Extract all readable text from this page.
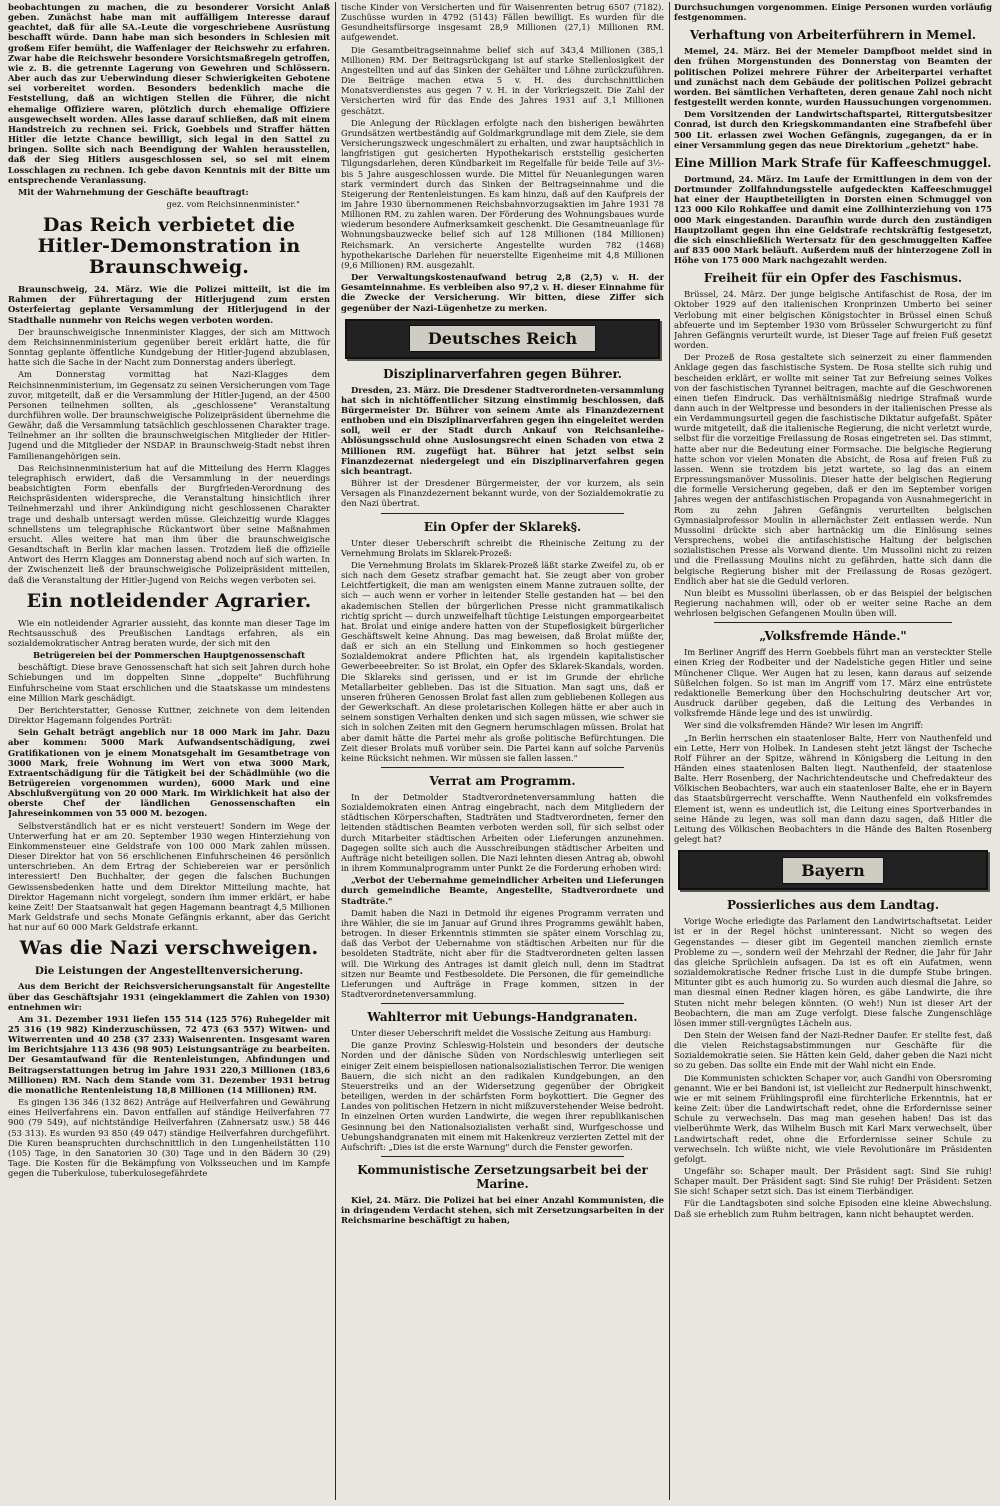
beobachtungen zu machen, die zu besonderer Vorsicht Anlaß geben. Zunächst habe man mit auffälligem Interesse darauf geachtet, daß für alle SA.-Leute die vorgeschriebene Ausrüstung beschafft würde. Dann habe man sich besonders in Schlesien mit großem Eifer bemüht, die Waffenlager der Reichswehr zu erfahren. Zwar habe die Reichswehr besondere Vorsichtsmaßregeln getroffen, wie z. B. die getrennte Lagerung von Gewehren und Schlössern. Aber auch das zur Ueberwindung dieser Schwierigkeiten Gebotene sei vorbereitet worden. Besonders bedenklich mache die Feststellung, daß an wichtigen Stellen die Führer, die nicht ehemalige Offiziere waren, plötzlich durch ehemalige Offiziere ausgewechselt worden. Alles lasse darauf schließen, daß mit einem Handstreich zu rechnen sei. Frick, Goebbels und Straffer hätten Hitler die letzte Chance bewilligt, sich legal in den Sattel zu bringen. Sollte sich nach Beendigung der Wahlen herausstellen, daß der Sieg Hitlers ausgeschlossen sei, so sei mit einem Losschlagen zu rechnen. Ich gebe davon Kenntnis mit der Bitte um entsprechende Veranlassung.

Mit der Wahrnehmung der Geschäfte beauftragt:

gez. vom Reichsinnenminister."

Das Reich verbietet die Hitler-Demonstration in Braunschweig.

Braunschweig, 24. März. Wie die Polizei mitteilt, ist die im Rahmen der Führertagung der Hitlerjugend zum ersten Osterfeiertag geplante Versammlung der Hitlerjugend in der Stadthalle nunmehr von Reichs wegen verboten worden.

Der braunschweigische Innenminister Klagges, der sich am Mittwoch dem Reichsinnenministerium gegenüber bereit erklärt hatte, die für Sonntag geplante öffentliche Kundgebung der Hitler-Jugend abzublasen, hatte sich die Sache in der Nacht zum Donnerstag anders überlegt.

Am Donnerstag vormittag hat Nazi-Klagges dem Reichsinnenministerium, im Gegensatz zu seinen Versicherungen vom Tage zuvor, mitgeteilt, daß er die Versammlung der Hitler-Jugend, an der 4500 Personen teilnehmen sollten, als „geschlossene" Veranstaltung durchführen wolle. Der braunschweigische Polizeipräsident übernehme die Gewähr, daß die Versammlung tatsächlich geschlossenen Charakter trage. Teilnehmer an ihr sollten die braunschweigischen Mitglieder der Hitler-Jugend und die Mitglieder der NSDAP. in Braunschweig-Stadt nebst ihren Familienangehörigen sein.

Das Reichsinnenministerium hat auf die Mitteilung des Herrn Klagges telegraphisch erwidert, daß die Versammlung in der neuerdings beabsichtigten Form ebenfalls der Burgfrieden-Verordnung des Reichspräsidenten widerspreche, die Veranstaltung hinsichtlich ihrer Teilnehmerzahl und ihrer Ankündigung nicht geschlossenen Charakter trage und deshalb untersagt werden müsse. Gleichzeitig wurde Klagges schnellstens um telegraphische Rückantwort über seine Maßnahmen ersucht. Alles weitere hat man ihm über die braunschweigische Gesandtschaft in Berlin klar machen lassen. Trotzdem ließ die offizielle Antwort des Herrn Klagges am Donnerstag abend noch auf sich warten. In der Zwischenzeit ließ der braunschweigische Polizeipräsident mitteilen, daß die Veranstaltung der Hitler-Jugend von Reichs wegen verboten sei.

Ein notleidender Agrarier.

Wie ein notleidender Agrarier aussieht, das konnte man dieser Tage im Rechtsausschuß des Preußischen Landtags erfahren, als ein sozialdemokratischer Antrag beraten wurde, der sich mit den

Betrügereien bei der Pommerschen Hauptgenossenschaft

beschäftigt. Diese brave Genossenschaft hat sich seit Jahren durch hohe Schiebungen und im doppelten Sinne „doppelte" Buchführung Einfuhrscheine vom Staat erschlichen und die Staatskasse um mindestens eine Million Mark geschädigt.

Der Berichterstatter, Genosse Kuttner, zeichnete von dem leitenden Direktor Hagemann folgendes Porträt:

Sein Gehalt beträgt angeblich nur 18 000 Mark im Jahr. Dazu aber kommen: 5000 Mark Aufwandsentschädigung, zwei Gratifikationen von je einem Monatsgehalt im Gesamtbetrage von 3000 Mark, freie Wohnung im Wert von etwa 3000 Mark, Extraentschädigung für die Tätigkeit bei der Schädlmühle (wo die Betrügereien vorgenommen wurden), 6000 Mark und eine Abschlußvergütung von 20 000 Mark. Im Wirklichkeit hat also der oberste Chef der ländlichen Genossenschaften ein Jahreseinkommen von 55 000 M. bezogen.

Selbstverständlich hat er es nicht versteuert! Sondern im Wege der Unterwerfung hat er am 20. September 1930 wegen Hinterziehung von Einkommensteuer eine Geldstrafe von 100 000 Mark zahlen müssen. Dieser Direktor hat von 56 erschlichenen Einfuhrscheinen 46 persönlich unterschrieben. An dem Ertrag der Schiebereien war er persönlich interessiert! Den Buchhalter, der gegen die falschen Buchungen Gewissensbedenken hatte und dem Direktor Mitteilung machte, hat Direktor Hagemann nicht vorgelegt, sondern ihm immer erklärt, er habe keine Zeit! Der Staatsanwalt hat gegen Hagemann beantragt 4,5 Millionen Mark Geldstrafe und sechs Monate Gefängnis erkannt, aber das Gericht hat nur auf 60 000 Mark Geldstrafe erkannt.

Was die Nazi verschweigen.
Die Leistungen der Angestelltenversicherung.

Aus dem Bericht der Reichsversicherungsanstalt für Angestellte über das Geschäftsjahr 1931 (eingeklammert die Zahlen von 1930) entnehmen wir:

Am 31. Dezember 1931 liefen 155 514 (125 576) Ruhegelder mit 25 316 (19 982) Kinderzuschüssen, 72 473 (63 557) Witwen- und Witwerrenten und 40 258 (37 233) Waisenrenten. Insgesamt waren im Berichtsjahre 113 436 (98 905) Leistungsanträge zu bearbeiten. Der Gesamtaufwand für die Rentenleistungen, Abfindungen und Beitragserstattungen betrug im Jahre 1931 220,3 Millionen (183,6 Millionen) RM. Nach dem Stande vom 31. Dezember 1931 betrug die monatliche Rentenleistung 18,8 Millionen (14 Millionen) RM.

Es gingen 136 346 (132 862) Anträge auf Heilverfahren und Gewährung eines Heilverfahrens ein. Davon entfallen auf ständige Heilverfahren 77 900 (79 549), auf nichtständige Heilverfahren (Zahnersatz usw.) 58 446 (53 313). Es wurden 93 850 (49 047) ständige Heilverfahren durchgeführt. Die Kuren beanspruchten durchschnittlich in den Lungenheilstätten 110 (105) Tage, in den Sanatorien 30 (30) Tage und in den Bädern 30 (29) Tage. Die Kosten für die Bekämpfung von Volksseuchen und im Kampfe gegen die Tuberkulose, tuberkulosegefährdete

tische Kinder von Versicherten und für Waisenrenten betrug 6507 (7182). Zuschüsse wurden in 4792 (5143) Fällen bewilligt. Es wurden für die Gesundheitsfürsorge insgesamt 28,9 Millionen (27,1) Millionen RM. aufgewendet.

Die Gesamtbeitragseinnahme belief sich auf 343,4 Millionen (385,1 Millionen) RM. Der Beitragsrückgang ist auf starke Stellenlosigkeit der Angestellten und auf das Sinken der Gehälter und Löhne zurückzuführen. Die Beiträge machen etwa 5 v. H. des durchschnittlichen Monatsverdienstes aus gegen 7 v. H. in der Vorkriegszeit. Die Zahl der Versicherten wird für das Ende des Jahres 1931 auf 3,1 Millionen geschätzt.

Die Anlegung der Rücklagen erfolgte nach den bisherigen bewährten Grundsätzen wertbeständig auf Goldmarkgrundlage mit dem Ziele, sie dem Versicherungszweck ungeschmälert zu erhalten, und zwar hauptsächlich in langfristigen gut gesicherten Hypothekarisch erststellig gesicherten Tilgungsdarlehen, deren Kündbarkeit im Regelfalle für beide Teile auf 3½-bis 5 Jahre ausgeschlossen wurde. Die Mittel für Neuanlegungen waren stark vermindert durch das Sinken der Beitragseinnahme und die Steigerung der Rentenleistungen. Es kam hinzu, daß auf den Kaufpreis der im Jahre 1930 übernommenen Reichsbahnvorzugsaktien im Jahre 1931 78 Millionen RM. zu zahlen waren. Der Förderung des Wohnungsbaues wurde wiederum besondere Aufmerksamkeit geschenkt. Die Gesamtneuanlage für Wohnungsbauzwecke belief sich auf 128 Millionen (184 Millionen) Reichsmark. An versicherte Angestellte wurden 782 (1468) hypothekarische Darlehen für neuerstellte Eigenheime mit 4,8 Millionen (9,6 Millionen) RM. ausgezahlt.

Der Verwaltungskostenaufwand betrug 2,8 (2,5) v. H. der Gesamteinnahme. Es verbleiben also 97,2 v. H. dieser Einnahme für die Zwecke der Versicherung. Wir bitten, diese Ziffer sich gegenüber der Nazi-Lügenhetze zu merken.

Deutsches Reich
Disziplinarverfahren gegen Bührer.

Dresden, 23. März. Die Dresdener Stadtverordneten-versammlung hat sich in nichtöffentlicher Sitzung einstimmig beschlossen, daß Bürgermeister Dr. Bührer von seinem Amte als Finanzdezernent enthoben und ein Disziplinarverfahren gegen ihn eingeleitet werden soll, weil er der Stadt durch Ankauf von Reichsanleihe-Ablösungsschuld ohne Auslosungsrecht einen Schaden von etwa 2 Millionen RM. zugefügt hat. Bührer hat jetzt selbst sein Finanzdezernat niedergelegt und ein Disziplinarverfahren gegen sich beantragt.

Bührer ist der Dresdener Bürgermeister, der vor kurzem, als sein Versagen als Finanzdezernent bekannt wurde, von der Sozialdemokratie zu den Nazi übertrat.

Ein Opfer der Sklarek§.

Unter dieser Ueberschrift schreibt die Rheinische Zeitung zu der Vernehmung Brolats im Sklarek-Prozeß:

Die Vernehmung Brolats im Sklarek-Prozeß läßt starke Zweifel zu, ob er sich nach dem Gesetz strafbar gemacht hat. Sie zeugt aber von grober Leichtfertigkeit, die man am wenigsten einem Manne zutrauen sollte, der sich — auch wenn er vorher in leitender Stelle gestanden hat — bei den akademischen Stellen der bürgerlichen Presse nicht grammatikalisch richtig spricht — durch unzweifelhaft tüchtige Leistungen emporgearbeitet hat. Brolat und einige andere hatten von der Stupeflosigkeit bürgerlicher Geschäftswelt keine Ahnung. Das mag beweisen, daß Brolat müßte der, daß er sich an ein Stellung und Einkommen so hoch gestiegener Sozialdemokrat andere Pflichten hat, als irgendein kapitalistischer Gewerbeeebreiter. So ist Brolat, ein Opfer des Sklarek-Skandals, worden. Die Sklareks sind gerissen, und er ist im Grunde der ehrliche Metallarbeiter geblieben. Das ist die Situation. Man sagt uns, daß er unseren früheren Genossen Brolat fast allen zum gebliebenen Kollegen aus der Gewerkschaft. An diese proletarischen Kollegen hätte er aber auch in seinem sonstigen Verhalten denken und sich sagen müssen, wie schwer sie sich in solchen Zeiten mit den Gegnern herumschlagen müssen. Brolat hat aber damit hätte die Partei mehr als große politische Befürchtungen. Die Zeit dieser Brolats muß vorüber sein. Die Partei kann auf solche Parvenüs keine Rücksicht nehmen. Wir müssen sie fallen lassen."

Verrat am Programm.

In der Detmolder Stadtverordnetenversammlung hatten die Sozialdemokraten einen Antrag eingebracht, nach dem Mitgliedern der städtischen Körperschaften, Stadträten und Stadtverordneten, ferner den leitenden städtischen Beamten verboten werden soll, für sich selbst oder durch Mitarbeiter städtischen Arbeiten oder Lieferungen anzunehmen. Dagegen sollte sich auch die Ausschreibungen städtischer Arbeiten und Aufträge nicht beteiligen sollen. Die Nazi lehnten diesen Antrag ab, obwohl in ihrem Kommunalprogramm unter Punkt 2e die Forderung erhoben wird:

„Verbot der Uebernahme gemeindlicher Arbeiten und Lieferungen durch gemeindliche Beamte, Angestellte, Stadtverordnete und Stadträte."

Damit haben die Nazi in Detmold ihr eigenes Programm verraten und ihre Wähler, die sie im Januar auf Grund ihres Programms gewählt haben, betrogen. In dieser Erkenntnis stimmten sie später einem Vorschlag zu, daß das Verbot der Uebernahme von städtischen Arbeiten nur für die besoldeten Stadträte, nicht aber für die Stadtverordneten gelten lassen will. Die Wirkung des Antrages ist damit gleich null, denn im Stadtrat sitzen nur Beamte und Festbesoldete. Die Personen, die für gemeindliche Lieferungen und Aufträge in Frage kommen, sitzen in der Stadtverordnetenversammlung.

Wahlterror mit Uebungs-Handgranaten.

Unter dieser Ueberschrift meldet die Vossische Zeitung aus Hamburg:

Die ganze Provinz Schleswig-Holstein und besonders der deutsche Norden und der dänische Süden von Nordschleswig unterliegen seit einiger Zeit einem beispiellosen nationalsozialistischen Terror. Die wenigen Bauern, die sich nicht an den radikalen Kundgebungen, an den Steuerstreiks und an der Widersetzung gegenüber der Obrigkeit beteiligen, werden in der schärfsten Form boykottiert. Die Gegner des Landes von politischen Hetzern in nicht mißzuverstehender Weise bedroht. In einzelnen Orten wurden Landwirte, die wegen ihrer republikanischen Gesinnung bei den Nationalsozialisten verhaßt sind, Wurfgeschosse und Uebungshandgranaten mit einem mit Hakenkreuz verzierten Zettel mit der Aufschrift: „Dies ist die erste Warnung" durch die Fenster geworfen.

Kommunistische Zersetzungsarbeit bei der Marine.

Kiel, 24. März. Die Polizei hat bei einer Anzahl Kommunisten, die in dringendem Verdacht stehen, sich mit Zersetzungsarbeiten in der Reichsmarine beschäftigt zu haben,

Durchsuchungen vorgenommen. Einige Personen wurden vorläufig festgenommen.

Verhaftung von Arbeiterführern in Memel.

Memel, 24. März. Bei der Memeler Dampfboot meldet sind in den frühen Morgenstunden des Donnerstag von Beamten der politischen Polizei mehrere Führer der Arbeiterpartei verhaftet und zunächst nach dem Gebäude der politischen Polizei gebracht worden. Bei sämtlichen Verhafteten, deren genaue Zahl noch nicht festgestellt werden konnte, wurden Haussuchungen vorgenommen.

Dem Vorsitzenden der Landwirtschaftspartei, Rittergutsbesitzer Conrad, ist durch den Kriegskommandanten eine Strafbefehl über 500 Lit. erlassen zwei Wochen Gefängnis, zugegangen, da er in einer Versammlung gegen das neue Direktorium „gehetzt" habe.

Eine Million Mark Strafe für Kaffeeschmuggel.

Dortmund, 24. März. Im Laufe der Ermittlungen in dem von der Dortmunder Zollfahndungsstelle aufgedeckten Kaffeeschmuggel hat einer der Hauptbeteiligten in Dorsten einen Schmuggel von 123 000 Kilo Rohkaffee und damit eine Zollhinterziehung von 175 000 Mark eingestanden. Daraufhin wurde durch den zuständigen Hauptzollamt gegen ihn eine Geldstrafe rechtskräftig festgesetzt, die sich einschließlich Wertersatz für den geschmuggelten Kaffee auf 835 000 Mark beläuft. Außerdem muß der hinterzogene Zoll in Höhe von 175 000 Mark nachgezahlt werden.

Freiheit für ein Opfer des Faschismus.

Brüssel, 24. März. Der junge belgische Antifaschist de Rosa, der im Oktober 1929 auf den italienischen Kronprinzen Umberto bei seiner Verlobung mit einer belgischen Königstochter in Brüssel einen Schuß abfeuerte und im September 1930 vom Brüsseler Schwurgericht zu fünf Jahren Gefängnis verurteilt wurde, ist Dieser Tage auf freien Fuß gesetzt worden.

Der Prozeß de Rosa gestaltete sich seinerzeit zu einer flammenden Anklage gegen das faschistische System. De Rosa stellte sich ruhig und bescheiden erklärt, er wollte mit seiner Tat zur Befreiung seines Volkes von der faschistischen Tyrannei beitragen, machte auf die Geschworenen einen tiefen Eindruck. Das verhältnismäßig niedrige Strafmaß wurde dann auch in der Weltpresse und besonders in der italienischen Presse als ein Verdammungsurteil gegen die faschistische Diktatur aufgefaßt. Später wurde mitgeteilt, daß die italienische Regierung, die nicht verletzt wurde, selbst für die vorzeitige Freilassung de Rosas eingetreten sei. Das stimmt, hatte aber nur die Bedeutung einer Formsache. Die belgische Regierung hatte schon vor vielen Monaten die Absicht, de Rosa auf freien Fuß zu lassen. Wenn sie trotzdem bis jetzt wartete, so lag das an einem Erpressungsmanöver Mussolinis. Dieser hatte der belgischen Regierung die formelle Versicherung gegeben, daß er den im September vorigen Jahres wegen der antifaschistischen Propaganda von Ausnahmegericht in Rom zu zehn Jahren Gefängnis verurteilten belgischen Gymnasialprofessor Moulin in allernächster Zeit entlassen werde. Nun Mussolini drückte sich aber hartnäckig um die Einlösung seines Versprechens, wobei die antifaschistische Haltung der belgischen sozialistischen Presse als Vorwand diente. Um Mussolini nicht zu reizen und die Freilassung Moulins nicht zu gefährden, hatte sich dann die belgische Regierung bisher mit der Freilassung de Rosas gezögert. Endlich aber hat sie die Geduld verloren.

Nun bleibt es Mussolini überlassen, ob er das Beispiel der belgischen Regierung nachahmen will, oder ob er weiter seine Rache an dem wehrlosen belgischen Gefangenen Moulin üben will.

„Volksfremde Hände."

Im Berliner Angriff des Herrn Goebbels führt man an versteckter Stelle einen Krieg der Rodbeiter und der Nadelstiche gegen Hitler und seine Münchener Clique. Wer Augen hat zu lesen, kann daraus auf seizende Süßelchen folgen. So ist man im Angriff vom 17. März eine entrüstete redaktionelle Bemerkung über den Hochschulring deutscher Art vor, Ausdruck darüber gegeben, daß die Leitung des Verbandes in volksfremde Hände lege und des ist unwürdig.

Wer sind die volksfremden Hände? Wir lesen im Angriff:

„In Berlin herrschen ein staatenloser Balte, Herr von Nauthenfeld und ein Lette, Herr von Holbek. In Landesen steht jetzt längst der Tscheche Rolf Führer an der Spitze, während in Königsberg die Leitung in den Händen eines staatenlosen Balten liegt. Nauthenfeld, der staatenlose Balte. Herr Rosenberg, der Nachrichtendeutsche und Chefredakteur des Völkischen Beobachters, war auch ein staatenloser Balte, ehe er in Bayern das Staatsbürgerrecht verschaffte. Wenn Nauthenfeld ein volksfremdes Element ist, wenn es undeutlich ist, die Leitung eines Sportverbandes in seine Hände zu legen, was soll man dann dazu sagen, daß Hitler die Leitung des Völkischen Beobachters in die Hände des Balten Rosenberg gelegt hat?

Bayern
Possierliches aus dem Landtag.

Vorige Woche erledigte das Parlament den Landwirtschaftsetat. Leider ist er in der Regel höchst uninteressant. Nicht so wegen des Gegenstandes — dieser gibt im Gegenteil manchen ziemlich ernste Probleme zu —, sondern weil der Mehrzahl der Redner, die Jahr für Jahr das gleiche Sprüchlein aufsagen. Da ist es oft ein Aufatmen, wenn sozialdemokratische Redner frische Lust in die dumpfe Stube bringen. Mitunter gibt es auch humorig zu. So wurden auch diesmal die Jahre, so man diesmal einen Redner klagen hören, es gäbe Landwirte, die ihre Stuten nicht mehr belegen könnten. (O weh!) Nun ist dieser Art der Beobachtern, die man am Zuge verfolgt. Diese falsche Zungenschläge lösen immer still-vergnügtes Lächeln aus.

Den Stein der Weisen fand der Nazi-Redner Daufer. Er stellte fest, daß die vielen Reichstagsabstimmungen nur Geschäfte für die Sozialdemokratie seien. Sie Hätten kein Geld, daher geben die Nazi nicht so zu geben. Das sollte ein Ende mit der Wahl nicht ein Ende.

Die Kommunisten schickten Schaper vor, auch Gandhi von Obersroming genannt. Wie er bei Bandoni ist, ist vielleicht zur Rednerpult hinschwenkt, wie er mit seinem Frühlingsprofil eine fürchterliche Erkenntnis, hat er keine Zeit: über die Landwirtschaft redet, ohne die Erfordernisse seiner Schule zu verwechseln. Das mag man gesehen haben! Das ist das vielberühmte Werk, das Wilhelm Busch mit Karl Marx verwechselt, über Landwirtschaft redet, ohne die Erfordernisse seiner Schule zu verwechseln. Ich wüßte nicht, wie viele Revolutionäre im Präsidenten gefolgt.

Ungefähr so: Schaper mault. Der Präsident sagt: Sind Sie ruhig! Schaper mault. Der Präsident sagt: Sind Sie ruhig! Der Präsident: Setzen Sie sich! Schaper setzt sich. Das ist einem Tierbändiger.

Für die Landtagsboten sind solche Episoden eine kleine Abwechslung. Daß sie erheblich zum Ruhm beitragen, kann nicht behauptet werden.
